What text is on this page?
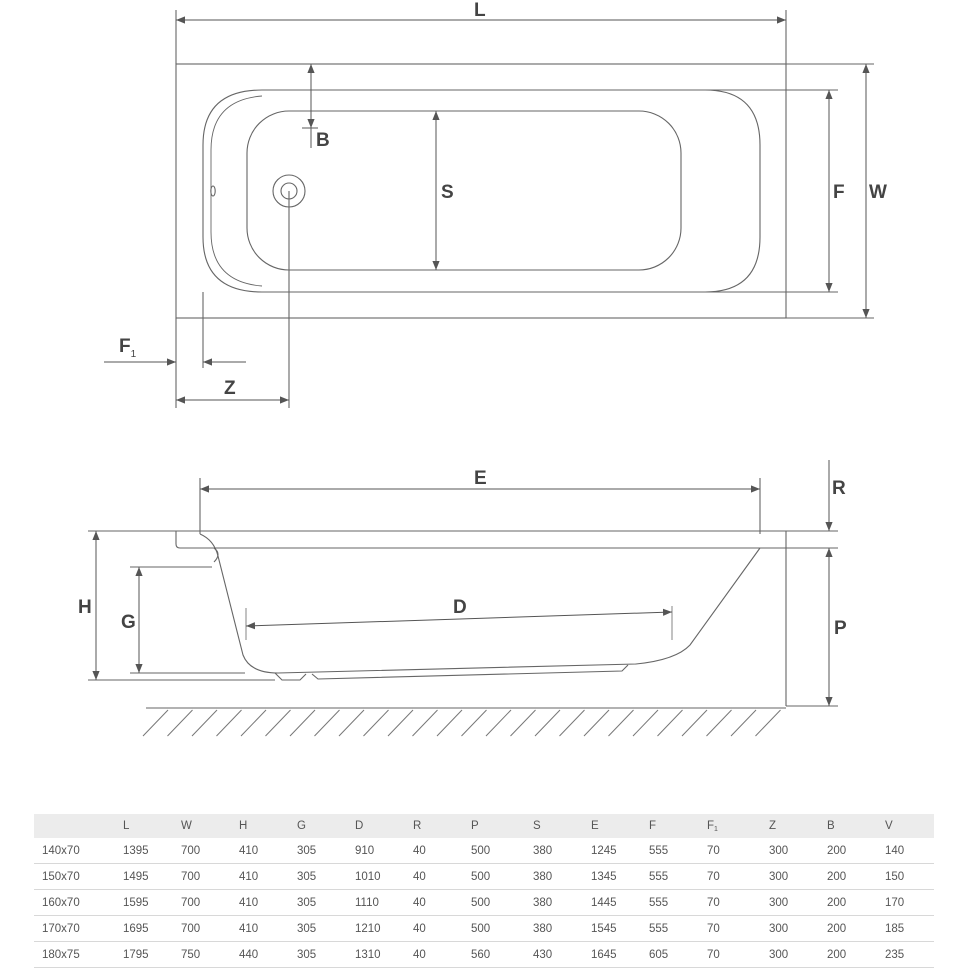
L
B
S	F W
$F_1$
Z
E	R
H
G
D
P
	L	W	H	G	D	R	P	S	E	F	F1	Z	B	V
140x70	1395	700	410	305	910	40	500	380	1245	555	70	300	200	140
150x70	1495	700	410	305	1010	40	500	380	1345	555	70	300	200	150
160x70	1595	700	410	305	1110	40	500	380	1445	555	70	300	200	170
170x70	1695	700	410	305	1210	40	500	380	1545	555	70	300	200	185
180x75	1795	750	440	305	1310	40	560	430	1645	605	70	300	200	235
